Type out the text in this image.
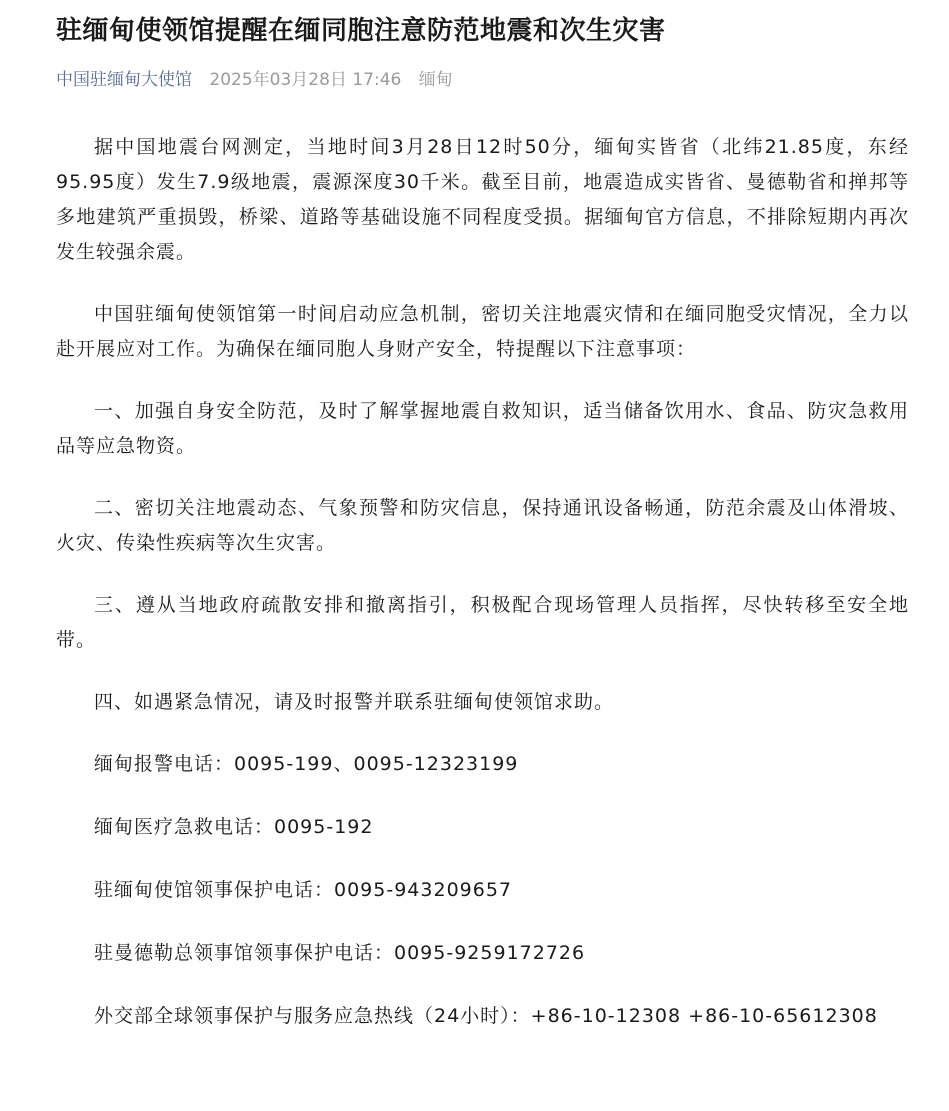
驻缅甸使领馆提醒在缅同胞注意防范地震和次生灾害
中国驻缅甸大使馆 2025年03月28日 17:46 缅甸

据中国地震台网测定，当地时间3月28日12时50分，缅甸实皆省（北纬21.85度，东经95.95度）发生7.9级地震，震源深度30千米。截至目前，地震造成实皆省、曼德勒省和掸邦等多地建筑严重损毁，桥梁、道路等基础设施不同程度受损。据缅甸官方信息，不排除短期内再次发生较强余震。

中国驻缅甸使领馆第一时间启动应急机制，密切关注地震灾情和在缅同胞受灾情况，全力以赴开展应对工作。为确保在缅同胞人身财产安全，特提醒以下注意事项：

一、加强自身安全防范，及时了解掌握地震自救知识，适当储备饮用水、食品、防灾急救用品等应急物资。

二、密切关注地震动态、气象预警和防灾信息，保持通讯设备畅通，防范余震及山体滑坡、火灾、传染性疾病等次生灾害。

三、遵从当地政府疏散安排和撤离指引，积极配合现场管理人员指挥，尽快转移至安全地带。

四、如遇紧急情况，请及时报警并联系驻缅甸使领馆求助。

缅甸报警电话：0095-199、0095-12323199

缅甸医疗急救电话：0095-192

驻缅甸使馆领事保护电话：0095-943209657

驻曼德勒总领事馆领事保护电话：0095-9259172726

外交部全球领事保护与服务应急热线（24小时）：+86-10-12308 +86-10-65612308
